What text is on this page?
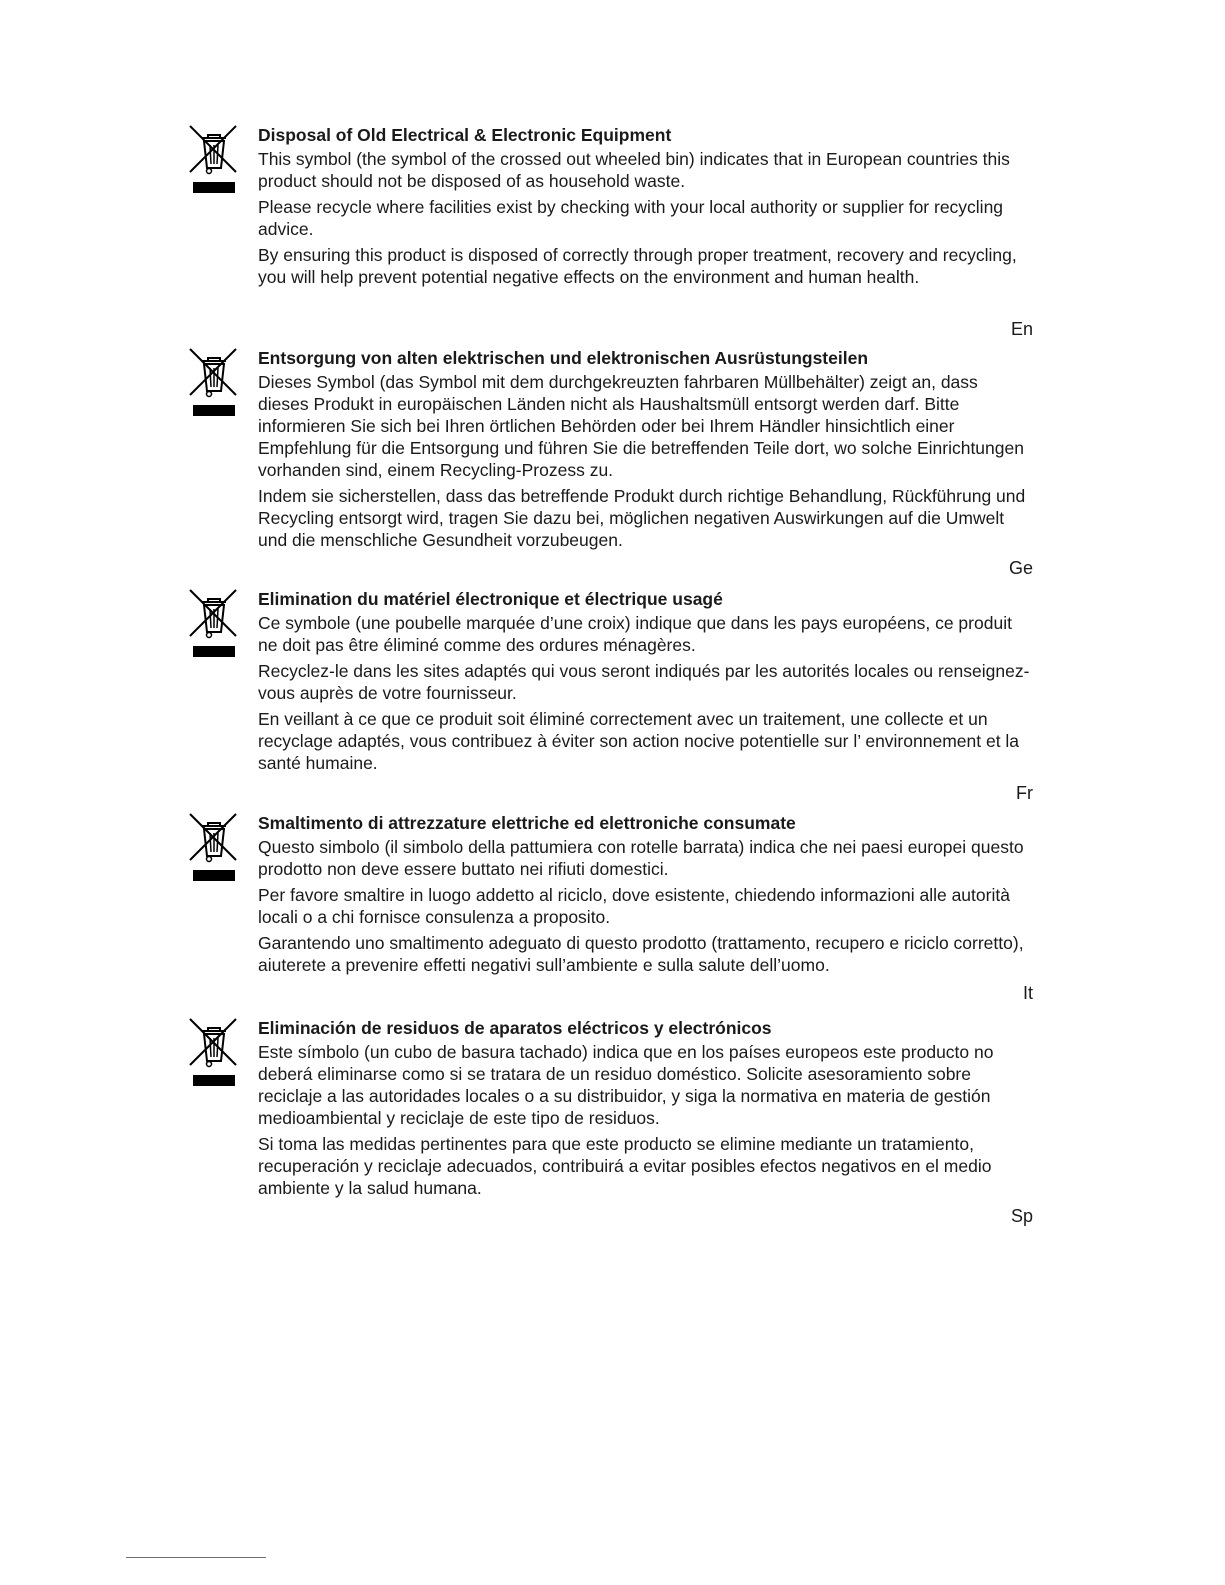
Disposal of Old Electrical & Electronic Equipment
This symbol (the symbol of the crossed out wheeled bin) indicates that in European countries this product should not be disposed of as household waste.
Please recycle where facilities exist by checking with your local authority or supplier for recycling advice.
By ensuring this product is disposed of correctly through proper treatment, recovery and recycling, you will help prevent potential negative effects on the environment and human health.
En
Entsorgung von alten elektrischen und elektronischen Ausrüstungsteilen
Dieses Symbol (das Symbol mit dem durchgekreuzten fahrbaren Müllbehälter) zeigt an, dass dieses Produkt in europäischen Länden nicht als Haushaltsmüll entsorgt werden darf. Bitte informieren Sie sich bei Ihren örtlichen Behörden oder bei Ihrem Händler hinsichtlich einer Empfehlung für die Entsorgung und führen Sie die betreffenden Teile dort, wo solche Einrichtungen vorhanden sind, einem Recycling-Prozess zu.
Indem sie sicherstellen, dass das betreffende Produkt durch richtige Behandlung, Rückführung und Recycling entsorgt wird, tragen Sie dazu bei, möglichen negativen Auswirkungen auf die Umwelt und die menschliche Gesundheit vorzubeugen.
Ge
Elimination du matériel électronique et électrique usagé
Ce symbole (une poubelle marquée d’une croix) indique que dans les pays européens, ce produit ne doit pas être éliminé comme des ordures ménagères.
Recyclez-le dans les sites adaptés qui vous seront indiqués par les autorités locales ou renseignez-vous auprès de votre fournisseur.
En veillant à ce que ce produit soit éliminé correctement avec un traitement, une collecte et un recyclage adaptés, vous contribuez à éviter son action nocive potentielle sur l’ environnement et la santé humaine.
Fr
Smaltimento di attrezzature elettriche ed elettroniche consumate
Questo simbolo (il simbolo della pattumiera con rotelle barrata) indica che nei paesi europei questo prodotto non deve essere buttato nei rifiuti domestici.
Per favore smaltire in luogo addetto al riciclo, dove esistente, chiedendo informazioni alle autorità locali o a chi fornisce consulenza a proposito.
Garantendo uno smaltimento adeguato di questo prodotto (trattamento, recupero e riciclo corretto), aiuterete a prevenire effetti negativi sull’ambiente e sulla salute dell’uomo.
It
Eliminación de residuos de aparatos eléctricos y electrónicos
Este símbolo (un cubo de basura tachado) indica que en los países europeos este producto no deberá eliminarse como si se tratara de un residuo doméstico. Solicite asesoramiento sobre reciclaje a las autoridades locales o a su distribuidor, y siga la normativa en materia de gestión medioambiental y reciclaje de este tipo de residuos.
Si toma las medidas pertinentes para que este producto se elimine mediante un tratamiento, recuperación y reciclaje adecuados, contribuirá a evitar posibles efectos negativos en el medio ambiente y la salud humana.
Sp
